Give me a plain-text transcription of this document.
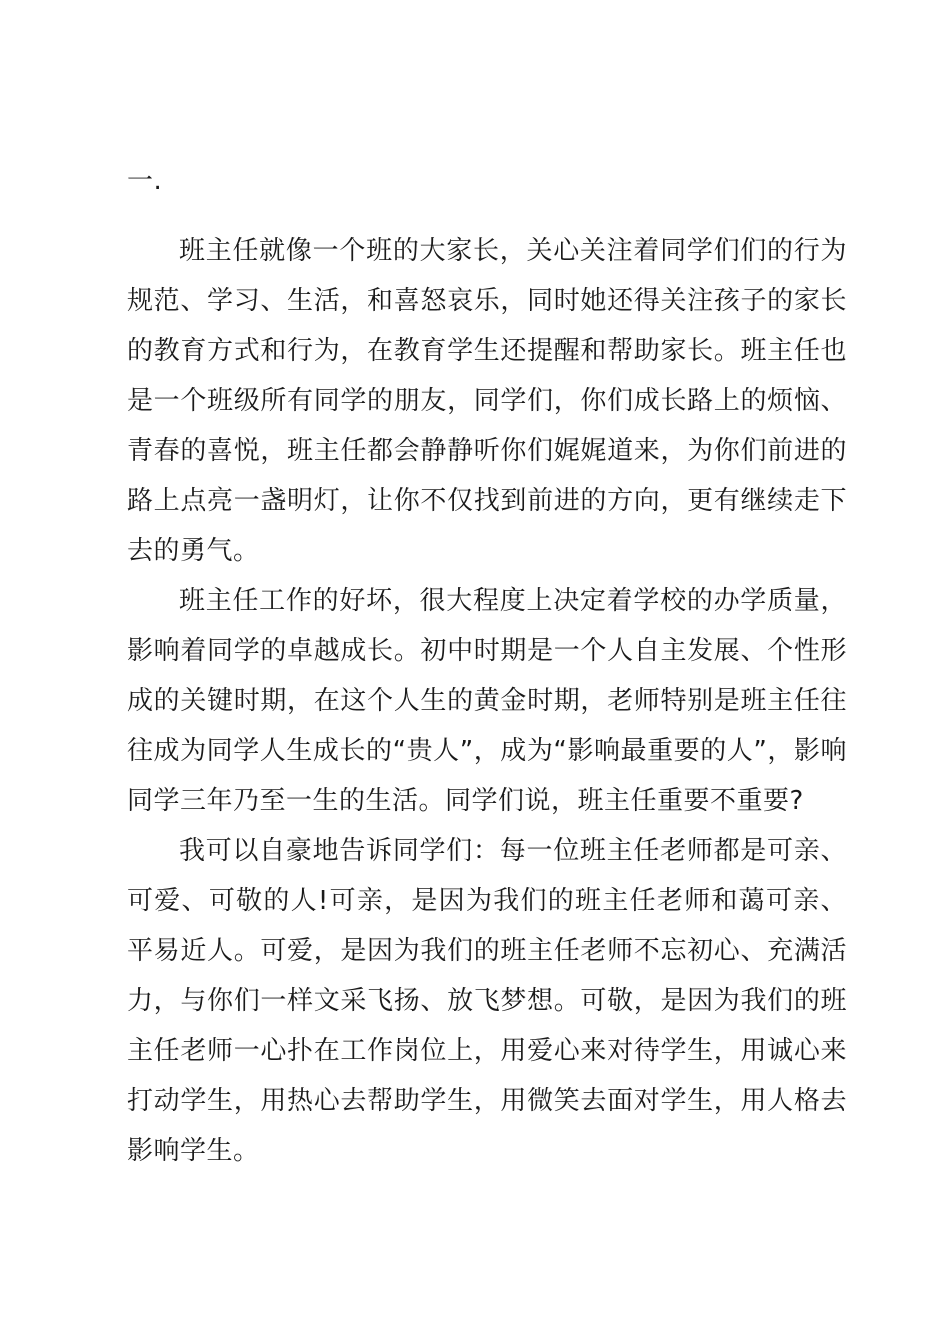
一.

班主任就像一个班的大家长，关心关注着同学们们的行为规范、学习、生活，和喜怒哀乐，同时她还得关注孩子的家长的教育方式和行为，在教育学生还提醒和帮助家长。班主任也是一个班级所有同学的朋友，同学们，你们成长路上的烦恼、青春的喜悦，班主任都会静静听你们娓娓道来，为你们前进的路上点亮一盏明灯，让你不仅找到前进的方向，更有继续走下去的勇气。

班主任工作的好坏，很大程度上决定着学校的办学质量，影响着同学的卓越成长。初中时期是一个人自主发展、个性形成的关键时期，在这个人生的黄金时期，老师特别是班主任往往成为同学人生成长的“贵人”，成为“影响最重要的人”，影响同学三年乃至一生的生活。同学们说，班主任重要不重要?

我可以自豪地告诉同学们：每一位班主任老师都是可亲、可爱、可敬的人!可亲，是因为我们的班主任老师和蔼可亲、平易近人。可爱，是因为我们的班主任老师不忘初心、充满活力，与你们一样文采飞扬、放飞梦想。可敬，是因为我们的班主任老师一心扑在工作岗位上，用爱心来对待学生，用诚心来打动学生，用热心去帮助学生，用微笑去面对学生，用人格去影响学生。
